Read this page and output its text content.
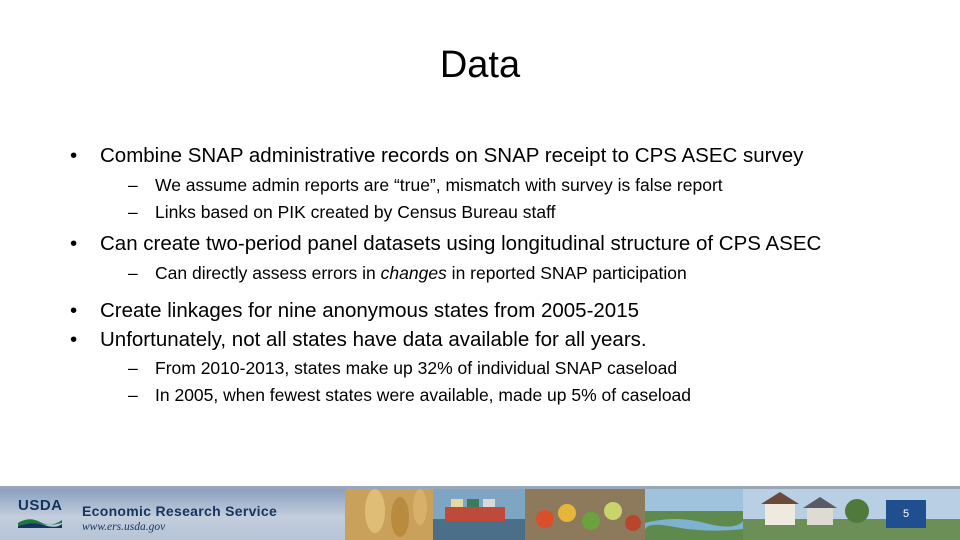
Data
• Combine SNAP administrative records on SNAP receipt to CPS ASEC survey
– We assume admin reports are “true”, mismatch with survey is false report
– Links based on PIK created by Census Bureau staff
• Can create two-period panel datasets using longitudinal structure of CPS ASEC
– Can directly assess errors in changes in reported SNAP participation
• Create linkages for nine anonymous states from 2005-2015
• Unfortunately, not all states have data available for all years.
– From 2010-2013, states make up 32% of individual SNAP caseload
– In 2005, when fewest states were available, made up 5% of caseload
USDA Economic Research Service
www.ers.usda.gov
5
